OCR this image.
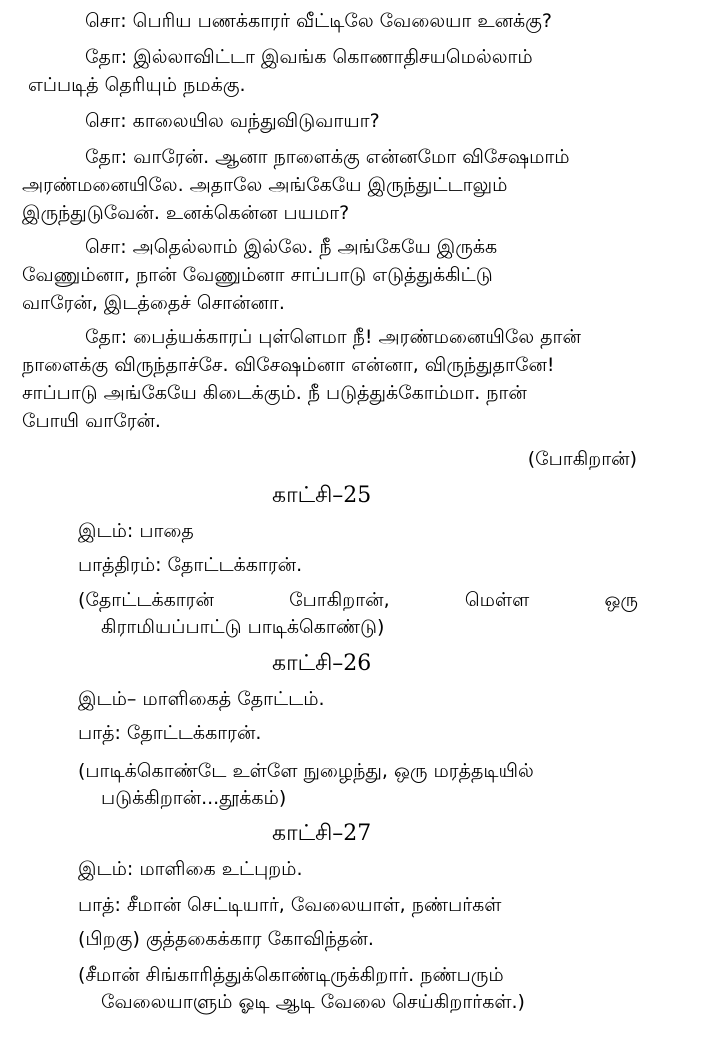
சொ: பெரிய பணக்காரர் வீட்டிலே வேலையா உனக்கு?
தோ: இல்லாவிட்டா இவங்க கொணாதிசயமெல்லாம்
எப்படித் தெரியும் நமக்கு.
சொ: காலையில வந்துவிடுவாயா?
தோ: வாரேன். ஆனா நாளைக்கு என்னமோ விசேஷமாம்
அரண்மனையிலே. அதாலே அங்கேயே இருந்துட்டாலும்
இருந்துடுவேன். உனக்கென்ன பயமா?
சொ: அதெல்லாம் இல்லே. நீ அங்கேயே இருக்க
வேணும்னா, நான் வேணும்னா சாப்பாடு எடுத்துக்கிட்டு
வாரேன், இடத்தைச் சொன்னா.
தோ: பைத்யக்காரப் புள்ளெமா நீ! அரண்மனையிலே தான்
நாளைக்கு விருந்தாச்சே. விசேஷம்னா என்னா, விருந்துதானே!
சாப்பாடு அங்கேயே கிடைக்கும். நீ படுத்துக்கோம்மா. நான்
போயி வாரேன்.
(போகிறான்)
காட்சி–25
இடம்: பாதை
பாத்திரம்: தோட்டக்காரன்.
(தோட்டக்காரன்	போகிறான்,	மெள்ள	ஒரு
கிராமியப்பாட்டு பாடிக்கொண்டு)
காட்சி–26
இடம்– மாளிகைத் தோட்டம்.
பாத்: தோட்டக்காரன்.
(பாடிக்கொண்டே உள்ளே நுழைந்து, ஒரு மரத்தடியில்
படுக்கிறான்...தூக்கம்)
காட்சி–27
இடம்: மாளிகை உட்புறம்.
பாத்: சீமான் செட்டியார், வேலையாள், நண்பர்கள்
(பிறகு) குத்தகைக்கார கோவிந்தன்.
(சீமான் சிங்காரித்துக்கொண்டிருக்கிறார். நண்பரும்
வேலையாளும் ஓடி ஆடி வேலை செய்கிறார்கள்.)
